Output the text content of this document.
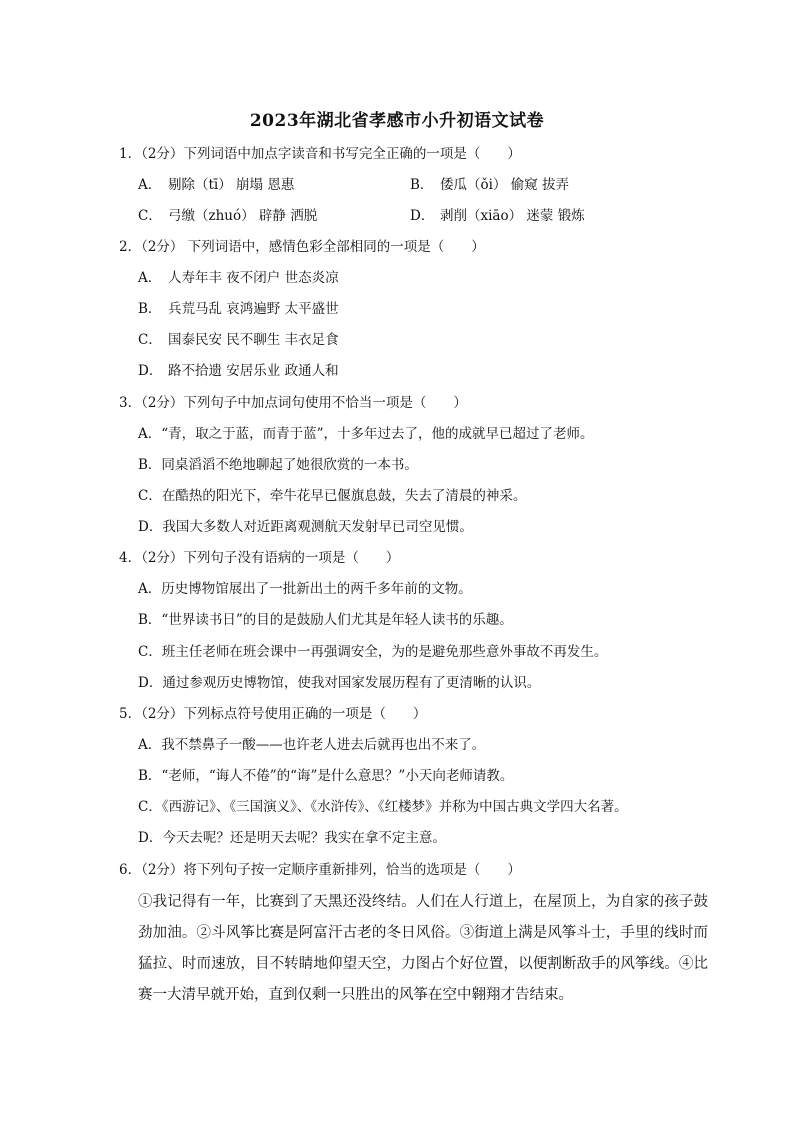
2023年湖北省孝感市小升初语文试卷
1．（2分）下列词语中加点字读音和书写完全正确的一项是（　　）
A． 剔除（tī） 崩塌 恩惠	B． 倭瓜（ǒi） 偷窥 拔弄
C． 弓缴（zhuó） 辟静 洒脱	D． 剥削（xiāo） 迷蒙 锻炼
2．（2分） 下列词语中，感情色彩全部相同的一项是（　　）
A． 人寿年丰 夜不闭户 世态炎凉
B． 兵荒马乱 哀鸿遍野 太平盛世
C． 国泰民安 民不聊生 丰衣足食
D． 路不拾遗 安居乐业 政通人和
3．（2分）下列句子中加点词句使用不恰当一项是（　　）
A．“青，取之于蓝，而青于蓝”，十多年过去了，他的成就早已超过了老师。
B．同桌滔滔不绝地聊起了她很欣赏的一本书。
C．在酷热的阳光下，牵牛花早已偃旗息鼓，失去了清晨的神采。
D．我国大多数人对近距离观测航天发射早已司空见惯。
4．（2分）下列句子没有语病的一项是（　　）
A．历史博物馆展出了一批新出土的两千多年前的文物。
B．“世界读书日”的目的是鼓励人们尤其是年轻人读书的乐趣。
C．班主任老师在班会课中一再强调安全，为的是避免那些意外事故不再发生。
D．通过参观历史博物馆，使我对国家发展历程有了更清晰的认识。
5．（2分）下列标点符号使用正确的一项是（　　）
A．我不禁鼻子一酸——也许老人进去后就再也出不来了。
B．“老师，“诲人不倦”的“诲”是什么意思？”小天向老师请教。
C．《西游记》、《三国演义》、《水浒传》、《红楼梦》并称为中国古典文学四大名著。
D．今天去呢？还是明天去呢？我实在拿不定主意。
6．（2分）将下列句子按一定顺序重新排列，恰当的选项是（　　）
①我记得有一年，比赛到了天黑还没终结。人们在人行道上，在屋顶上，为自家的孩子鼓劲加油。②斗风筝比赛是阿富汗古老的冬日风俗。③街道上满是风筝斗士，手里的线时而猛拉、时而速放，目不转睛地仰望天空，力图占个好位置，以便割断敌手的风筝线。④比赛一大清早就开始，直到仅剩一只胜出的风筝在空中翱翔才告结束。
